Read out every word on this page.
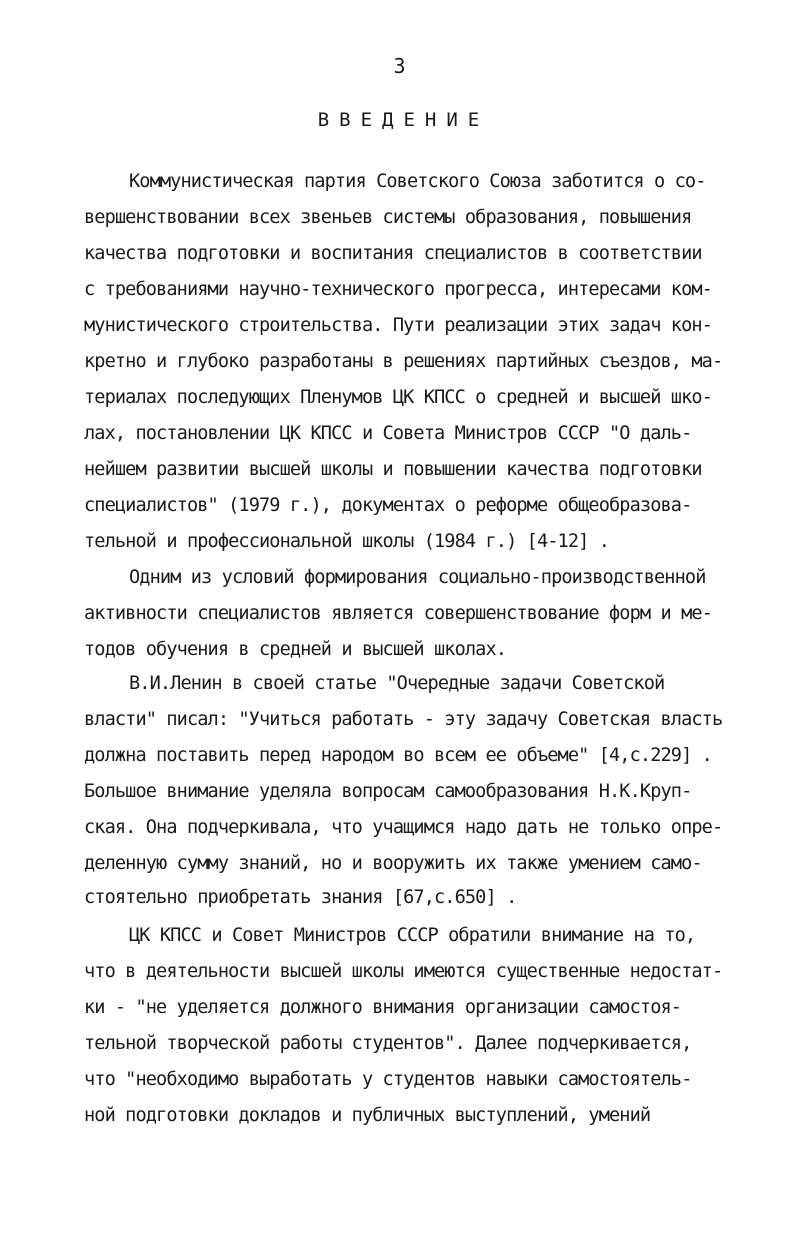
3
ВВЕДЕНИЕ
Коммунистическая партия Советского Союза заботится о со-
вершенствовании всех звеньев системы образования, повышения
качества подготовки и воспитания специалистов в соответствии
с требованиями научно-технического прогресса, интересами ком-
мунистического строительства. Пути реализации этих задач кон-
кретно и глубоко разработаны в решениях партийных съездов, ма-
териалах последующих Пленумов ЦК КПСС о средней и высшей шко-
лах, постановлении ЦК КПСС и Совета Министров СССР "О даль-
нейшем развитии высшей школы и повышении качества подготовки
специалистов" (1979 г.), документах о реформе общеобразова-
тельной и профессиональной школы (1984 г.) [4-12] .
Одним из условий формирования социально-производственной
активности специалистов является совершенствование форм и ме-
тодов обучения в средней и высшей школах.
В.И.Ленин в своей статье "Очередные задачи Советской
власти" писал: "Учиться работать - эту задачу Советская власть
должна поставить перед народом во всем ее объеме" [4,с.229] .
Большое внимание уделяла вопросам самообразования Н.К.Круп-
ская. Она подчеркивала, что учащимся надо дать не только опре-
деленную сумму знаний, но и вооружить их также умением само-
стоятельно приобретать знания [67,с.650] .
ЦК КПСС и Совет Министров СССР обратили внимание на то,
что в деятельности высшей школы имеются существенные недостат-
ки - "не уделяется должного внимания организации самостоя-
тельной творческой работы студентов". Далее подчеркивается,
что "необходимо выработать у студентов навыки самостоятель-
ной подготовки докладов и публичных выступлений, умений
